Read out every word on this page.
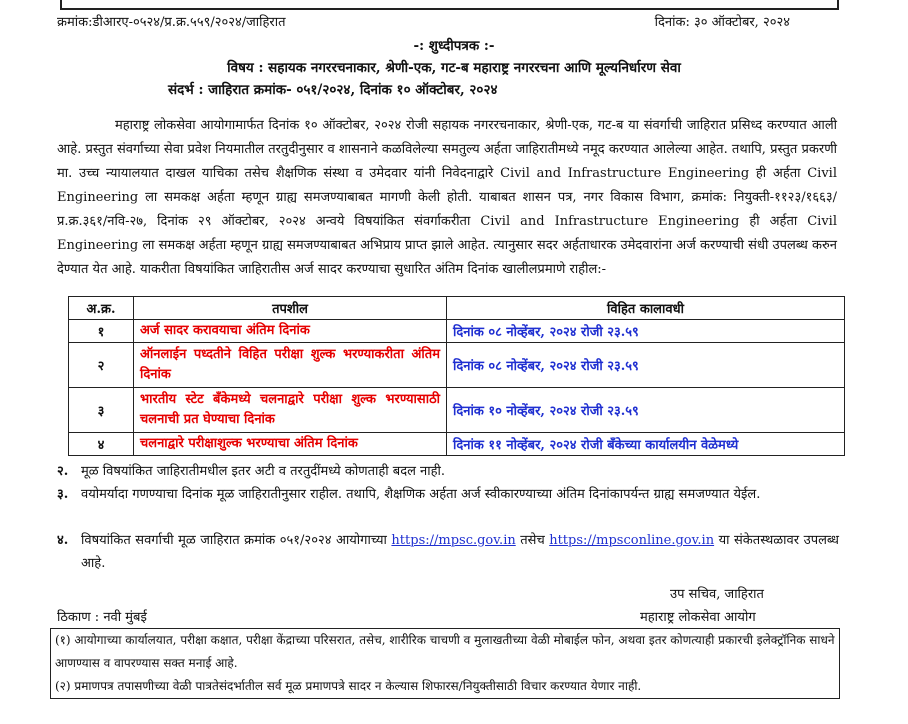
क्रमांक:डीआरए-०५२४/प्र.क्र.५५९/२०२४/जाहिरात	दिनांक: ३० ऑक्टोबर, २०२४
-: शुध्दीपत्रक :-
विषय : सहायक नगररचनाकार, श्रेणी-एक, गट-ब महाराष्ट्र नगररचना आणि मूल्यनिर्धारण सेवा
संदर्भ : जाहिरात क्रमांक- ०५१/२०२४, दिनांक १० ऑक्टोबर, २०२४

महाराष्ट्र लोकसेवा आयोगामार्फत दिनांक १० ऑक्टोबर, २०२४ रोजी सहायक नगररचनाकार, श्रेणी-एक, गट-ब या संवर्गाची जाहिरात प्रसिध्द करण्यात आली आहे. प्रस्तुत संवर्गाच्या सेवा प्रवेश नियमातील तरतुदीनुसार व शासनाने कळविलेल्या समतुल्य अर्हता जाहिरातीमध्ये नमूद करण्यात आलेल्या आहेत. तथापि, प्रस्तुत प्रकरणी मा. उच्च न्यायालयात दाखल याचिका तसेच शैक्षणिक संस्था व उमेदवार यांनी निवेदनाद्वारे Civil and Infrastructure Engineering ही अर्हता Civil Engineering ला समकक्ष अर्हता म्हणून ग्राह्य समजण्याबाबत मागणी केली होती. याबाबत शासन पत्र, नगर विकास विभाग, क्रमांक: नियुक्ती-११२३/१६६३/प्र.क्र.३६१/नवि-२७, दिनांक २९ ऑक्टोबर, २०२४ अन्वये विषयांकित संवर्गाकरीता Civil and Infrastructure Engineering ही अर्हता Civil Engineering ला समकक्ष अर्हता म्हणून ग्राह्य समजण्याबाबत अभिप्राय प्राप्त झाले आहेत. त्यानुसार सदर अर्हताधारक उमेदवारांना अर्ज करण्याची संधी उपलब्ध करुन देण्यात येत आहे. याकरीता विषयांकित जाहिरातीस अर्ज सादर करण्याचा सुधारित अंतिम दिनांक खालीलप्रमाणे राहील:-

अ.क्र.	तपशील	विहित कालावधी
१	अर्ज सादर करावयाचा अंतिम दिनांक	दिनांक ०८ नोव्हेंबर, २०२४ रोजी २३.५९
२	ऑनलाईन पध्दतीने विहित परीक्षा शुल्क भरण्याकरीता अंतिम दिनांक	दिनांक ०८ नोव्हेंबर, २०२४ रोजी २३.५९
३	भारतीय स्टेट बँकेमध्ये चलनाद्वारे परीक्षा शुल्क भरण्यासाठी चलनाची प्रत घेण्याचा दिनांक	दिनांक १० नोव्हेंबर, २०२४ रोजी २३.५९
४	चलनाद्वारे परीक्षाशुल्क भरण्याचा अंतिम दिनांक	दिनांक ११ नोव्हेंबर, २०२४ रोजी बँकेच्या कार्यालयीन वेळेमध्ये
२. मूळ विषयांकित जाहिरातीमधील इतर अटी व तरतुदींमध्ये कोणताही बदल नाही.
३. वयोमर्यादा गणण्याचा दिनांक मूळ जाहिरातीनुसार राहील. तथापि, शैक्षणिक अर्हता अर्ज स्वीकारण्याच्या अंतिम दिनांकापर्यन्त ग्राह्य समजण्यात येईल.
४. विषयांकित सवर्गाची मूळ जाहिरात क्रमांक ०५१/२०२४ आयोगाच्या https://mpsc.gov.in तसेच https://mpsconline.gov.in या संकेतस्थळावर उपलब्ध आहे.
उप सचिव, जाहिरात
ठिकाण : नवी मुंबई	महाराष्ट्र लोकसेवा आयोग
(१) आयोगाच्या कार्यालयात, परीक्षा कक्षात, परीक्षा केंद्राच्या परिसरात, तसेच, शारीरिक चाचणी व मुलाखतीच्या वेळी मोबाईल फोन, अथवा इतर कोणत्याही प्रकारची इलेक्ट्रॉनिक साधने आणण्यास व वापरण्यास सक्त मनाई आहे.
(२) प्रमाणपत्र तपासणीच्या वेळी पात्रतेसंदर्भातील सर्व मूळ प्रमाणपत्रे सादर न केल्यास शिफारस/नियुक्तीसाठी विचार करण्यात येणार नाही.
